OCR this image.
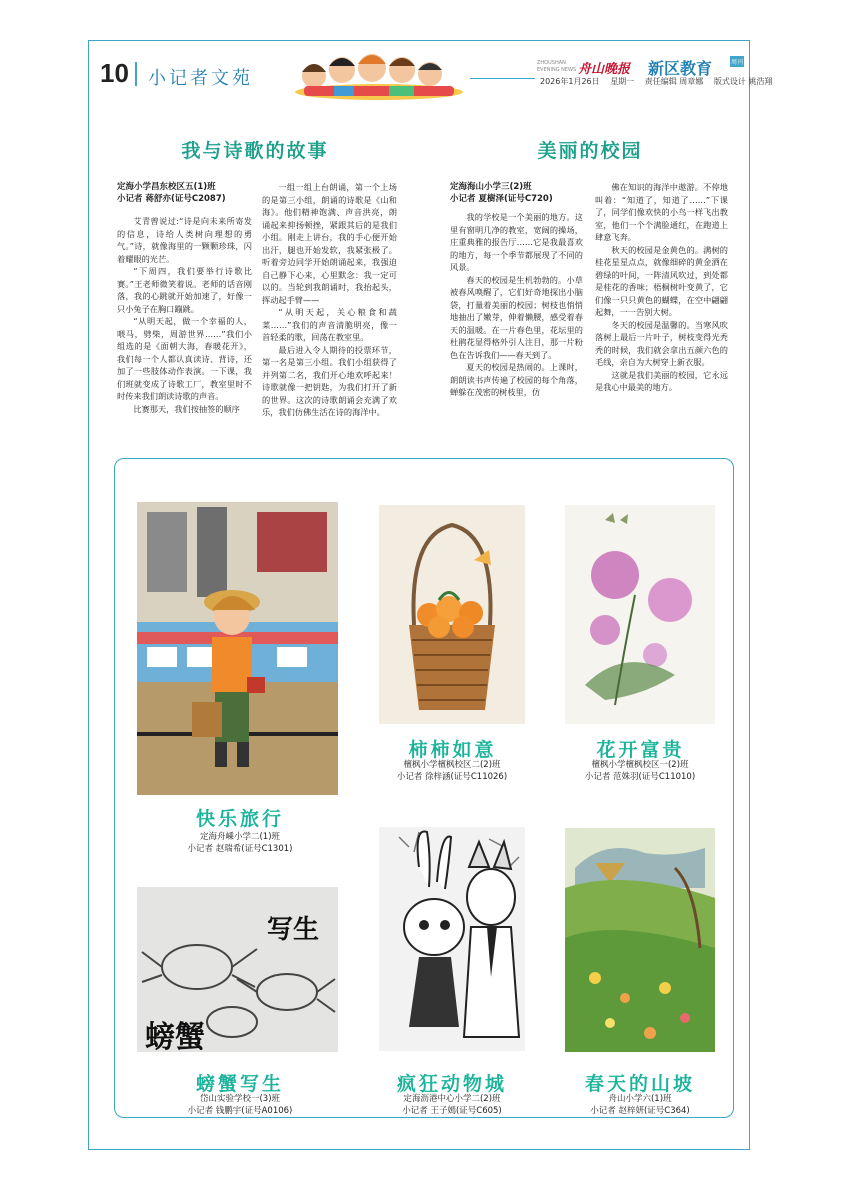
10 小记者文苑
ZHOUSHAN EVENING NEWS 舟山晚报 新区教育	周刊
2026年1月26日 星期一 责任编辑 周章娜 版式设计 姚浩翔
我与诗歌的故事
定海小学昌东校区五(1)班
小记者 蒋舒亦(证号C2087)

艾青曾说过:“诗是向未来所寄发的信息，诗给人类树向理想的勇气。”诗，就像海里的一颗颗珍珠，闪着耀眼的光芒。

“下周四，我们要举行诗歌比赛。”王老师微笑着说。老师的话音刚落，我的心跳就开始加速了，好像一只小兔子在胸口蹦跳。

“从明天起，做一个幸福的人，喂马，劈柴，周游世界……”我们小组选的是《面朝大海，春暖花开》，我们每一个人都认真读诗、背诗，还加了一些肢体动作表演。一下课，我们班就变成了诗歌工厂，教室里时不时传来我们朗读诗歌的声音。

比赛那天，我们按抽签的顺序

一组一组上台朗诵，第一个上场的是第三小组，朗诵的诗歌是《山和海》。他们精神饱满、声音洪亮，朗诵起来抑扬顿挫，紧跟其后的是我们小组。刚走上讲台，我的手心便开始出汗，腿也开始发软，我紧张极了。听着旁边同学开始朗诵起来，我强迫自己静下心来，心里默念：我一定可以的。当轮到我朗诵时，我抬起头，挥动起手臂——

“从明天起，关心粮食和蔬菜……”我们的声音清脆明亮，像一首轻柔的歌，回荡在教室里。

最后进入令人期待的投票环节，第一名是第三小组。我们小组获得了并列第二名，我们开心地欢呼起来！诗歌就像一把钥匙，为我们打开了新的世界。这次的诗歌朗诵会充满了欢乐，我们仿佛生活在诗的海洋中。

美丽的校园
定海海山小学三(2)班
小记者 夏樹泽(证号C720)

我的学校是一个美丽的地方。这里有窗明几净的教室，宽阔的操场，庄重典雅的报告厅……它是我最喜欢的地方，每一个季节都展现了不同的风景。

春天的校园是生机勃勃的。小草被春风唤醒了，它们好奇地探出小脑袋，打量着美丽的校园；树枝也悄悄地抽出了嫩芽，伸着懒腰，感受着春天的温暖。在一片春色里，花坛里的杜鹃花显得格外引人注目，那一片粉色在告诉我们——春天到了。

夏天的校园是热闹的。上课时，朗朗读书声传遍了校园的每个角落，蝉躲在茂密的树枝里，仿

佛在知识的海洋中遨游。不停地叫着：“知道了，知道了……”下课了，同学们像欢快的小鸟一样飞出教室，他们一个个满脸通红，在跑道上肆意飞奔。

秋天的校园是金黄色的。满树的桂花星星点点，就像细碎的黄金洒在碧绿的叶间，一阵清风吹过，到处都是桂花的香味；梧桐树叶变黄了，它们像一只只黄色的蝴蝶，在空中翩翩起舞，一一告别大树。

冬天的校园是温馨的。当寒风吹落树上最后一片叶子，树枝变得光秃秃的时候，我们就会拿出五颜六色的毛线，亲自为大树穿上新衣服。

这就是我们美丽的校园，它永远是我心中最美的地方。

快乐旅行
定海舟嵊小学二(1)班
小记者 赵瑞希(证号C1301)
柿柿如意
檀枫小学檀枫校区二(2)班
小记者 徐梓涵(证号C11026)
花开富贵
檀枫小学檀枫校区一(2)班
小记者 范姝羽(证号C11010)
写生
螃蟹
螃蟹写生
岱山实验学校一(3)班
小记者 钱鹏宇(证号A0106)
疯狂动物城
定海沥港中心小学二(2)班
小记者 王子嫣(证号C605)
春天的山坡
舟山小学六(1)班
小记者 赵梓妍(证号C364)
